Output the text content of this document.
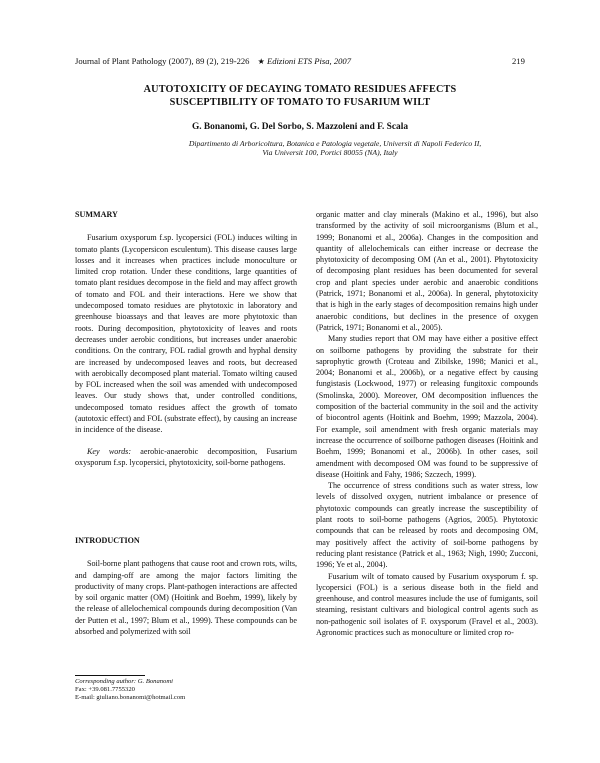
Journal of Plant Pathology (2007), 89 (2), 219-226 ★ Edizioni ETS Pisa, 2007	219
AUTOTOXICITY OF DECAYING TOMATO RESIDUES AFFECTS
SUSCEPTIBILITY OF TOMATO TO FUSARIUM WILT
G. Bonanomi, G. Del Sorbo, S. Mazzoleni and F. Scala
Dipartimento di Arboricoltura, Botanica e Patologia vegetale, Universit di Napoli Federico II,
Via Universit 100, Portici 80055 (NA), Italy
SUMMARY

Fusarium oxysporum f.sp. lycopersici (FOL) induces wilting in tomato plants (Lycopersicon esculentum). This disease causes large losses and it increases when practices include monoculture or limited crop rotation. Under these conditions, large quantities of tomato plant residues decompose in the field and may affect growth of tomato and FOL and their interactions. Here we show that undecomposed tomato residues are phytotoxic in laboratory and greenhouse bioassays and that leaves are more phytotoxic than roots. During decomposition, phytotoxicity of leaves and roots decreases under aerobic conditions, but increases under anaerobic conditions. On the contrary, FOL radial growth and hyphal density are increased by undecomposed leaves and roots, but decreased with aerobically decomposed plant material. Tomato wilting caused by FOL increased when the soil was amended with undecomposed leaves. Our study shows that, under controlled conditions, undecomposed tomato residues affect the growth of tomato (autotoxic effect) and FOL (substrate effect), by causing an increase in incidence of the disease.

Key words: aerobic-anaerobic decomposition, Fusarium oxysporum f.sp. lycopersici, phytotoxicity, soil-borne pathogens.

INTRODUCTION

Soil-borne plant pathogens that cause root and crown rots, wilts, and damping-off are among the major factors limiting the productivity of many crops. Plant-pathogen interactions are affected by soil organic matter (OM) (Hoitink and Boehm, 1999), likely by the release of allelochemical compounds during decomposition (Van der Putten et al., 1997; Blum et al., 1999). These compounds can be absorbed and polymerized with soil

Corresponding author: G. Bonanomi
Fax: +39.081.7755320
E-mail: giuliano.bonanomi@hotmail.com

organic matter and clay minerals (Makino et al., 1996), but also transformed by the activity of soil microorganisms (Blum et al., 1999; Bonanomi et al., 2006a). Changes in the composition and quantity of allelochemicals can either increase or decrease the phytotoxicity of decomposing OM (An et al., 2001). Phytotoxicity of decomposing plant residues has been documented for several crop and plant species under aerobic and anaerobic conditions (Patrick, 1971; Bonanomi et al., 2006a). In general, phytotoxicity that is high in the early stages of decomposition remains high under anaerobic conditions, but declines in the presence of oxygen (Patrick, 1971; Bonanomi et al., 2005).

Many studies report that OM may have either a positive effect on soilborne pathogens by providing the substrate for their saprophytic growth (Croteau and Zibilske, 1998; Manici et al., 2004; Bonanomi et al., 2006b), or a negative effect by causing fungistasis (Lockwood, 1977) or releasing fungitoxic compounds (Smolinska, 2000). Moreover, OM decomposition influences the composition of the bacterial community in the soil and the activity of biocontrol agents (Hoitink and Boehm, 1999; Mazzola, 2004). For example, soil amendment with fresh organic materials may increase the occurrence of soilborne pathogen diseases (Hoitink and Boehm, 1999; Bonanomi et al., 2006b). In other cases, soil amendment with decomposed OM was found to be suppressive of disease (Hoitink and Fahy, 1986; Szczech, 1999).

The occurrence of stress conditions such as water stress, low levels of dissolved oxygen, nutrient imbalance or presence of phytotoxic compounds can greatly increase the susceptibility of plant roots to soil-borne pathogens (Agrios, 2005). Phytotoxic compounds that can be released by roots and decomposing OM, may positively affect the activity of soil-borne pathogens by reducing plant resistance (Patrick et al., 1963; Nigh, 1990; Zucconi, 1996; Ye et al., 2004).

Fusarium wilt of tomato caused by Fusarium oxysporum f. sp. lycopersici (FOL) is a serious disease both in the field and greenhouse, and control measures include the use of fumigants, soil steaming, resistant cultivars and biological control agents such as non-pathogenic soil isolates of F. oxysporum (Fravel et al., 2003). Agronomic practices such as monoculture or limited crop ro-
